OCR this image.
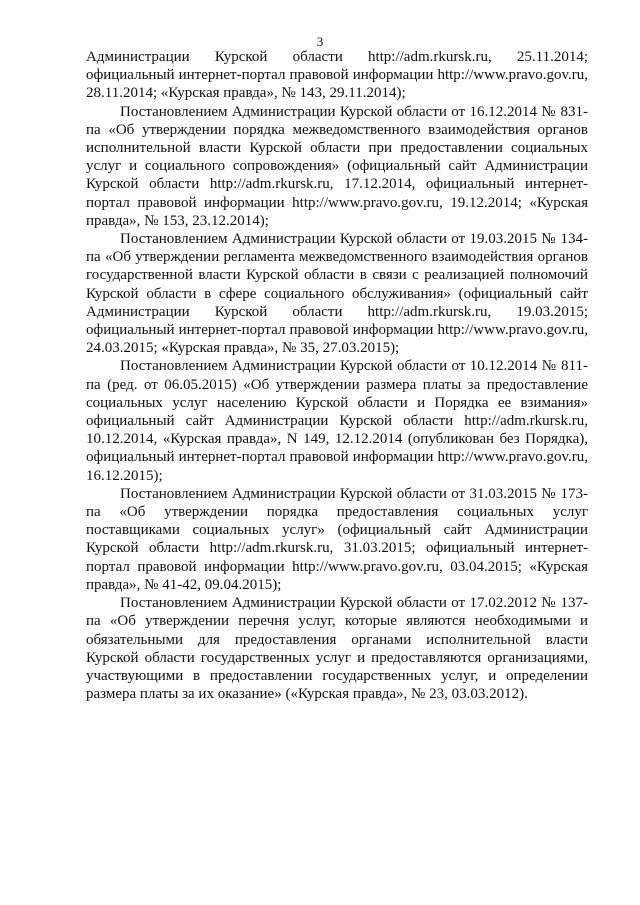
3

Администрации Курской области http://adm.rkursk.ru, 25.11.2014; официальный интернет-портал правовой информации http://www.pravo.gov.ru, 28.11.2014; «Курская правда», № 143, 29.11.2014);

Постановлением Администрации Курской области от 16.12.2014 № 831-па «Об утверждении порядка межведомственного взаимодействия органов исполнительной власти Курской области при предоставлении социальных услуг и социального сопровождения» (официальный сайт Администрации Курской области http://adm.rkursk.ru, 17.12.2014, официальный интернет-портал правовой информации http://www.pravo.gov.ru, 19.12.2014; «Курская правда», № 153, 23.12.2014);

Постановлением Администрации Курской области от 19.03.2015 № 134-па «Об утверждении регламента межведомственного взаимодействия органов государственной власти Курской области в связи с реализацией полномочий Курской области в сфере социального обслуживания» (официальный сайт Администрации Курской области http://adm.rkursk.ru, 19.03.2015; официальный интернет-портал правовой информации http://www.pravo.gov.ru, 24.03.2015; «Курская правда», № 35, 27.03.2015);

Постановлением Администрации Курской области от 10.12.2014 № 811-па (ред. от 06.05.2015) «Об утверждении размера платы за предоставление социальных услуг населению Курской области и Порядка ее взимания» официальный сайт Администрации Курской области http://adm.rkursk.ru, 10.12.2014, «Курская правда», N 149, 12.12.2014 (опубликован без Порядка), официальный интернет-портал правовой информации http://www.pravo.gov.ru, 16.12.2015);

Постановлением Администрации Курской области от 31.03.2015 № 173-па «Об утверждении порядка предоставления социальных услуг поставщиками социальных услуг» (официальный сайт Администрации Курской области http://adm.rkursk.ru, 31.03.2015; официальный интернет-портал правовой информации http://www.pravo.gov.ru, 03.04.2015; «Курская правда», № 41-42, 09.04.2015);

Постановлением Администрации Курской области от 17.02.2012 № 137-па «Об утверждении перечня услуг, которые являются необходимыми и обязательными для предоставления органами исполнительной власти Курской области государственных услуг и предоставляются организациями, участвующими в предоставлении государственных услуг, и определении размера платы за их оказание» («Курская правда», № 23, 03.03.2012).
